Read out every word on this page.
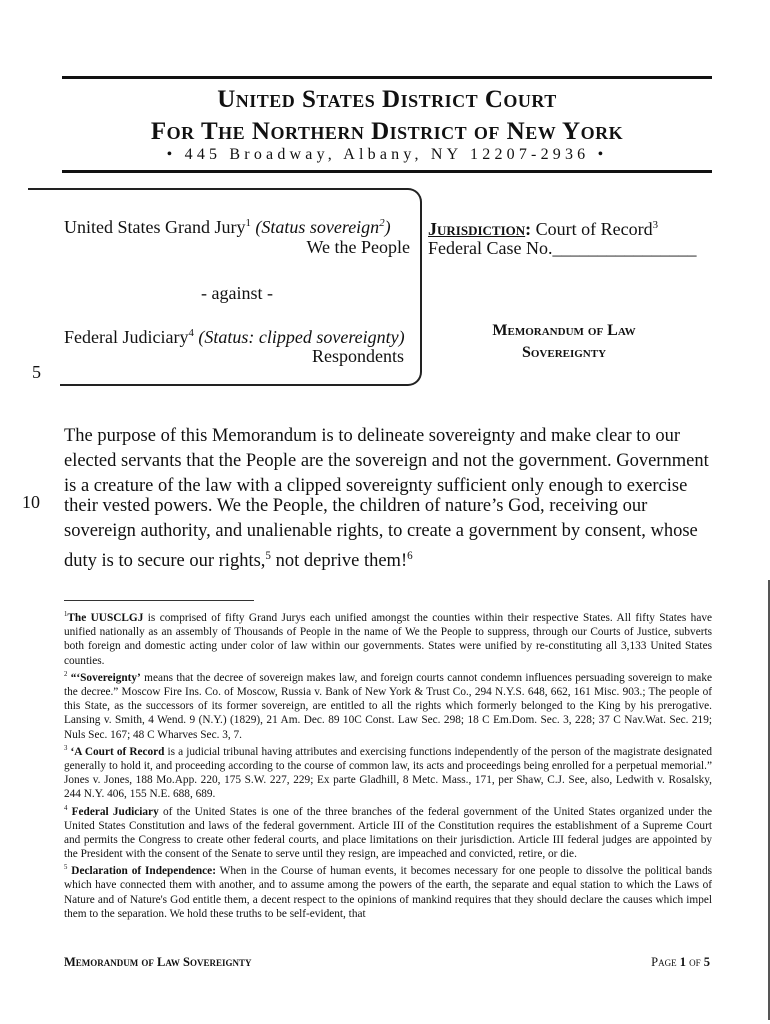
United States District Court
For The Northern District of New York
• 445 Broadway, Albany, NY 12207-2936 •
United States Grand Jury$^1$ (Status sovereign$^2$)
We the People
- against -
Federal Judiciary$^4$ (Status: clipped sovereignty)
Respondents
Jurisdiction: Court of Record$^3$
Federal Case No.________________
Memorandum of Law
Sovereignty
5
10
The purpose of this Memorandum is to delineate sovereignty and make clear to our
elected servants that the People are the sovereign and not the government. Government
is a creature of the law with a clipped sovereignty sufficient only enough to exercise
their vested powers. We the People, the children of nature’s God, receiving our
sovereign authority, and unalienable rights, to create a government by consent, whose
duty is to secure our rights,$^5$ not deprive them!$^6$

$^1$The UUSCLGJ is comprised of fifty Grand Jurys each unified amongst the counties within their respective States. All fifty States have unified nationally as an assembly of Thousands of People in the name of We the People to suppress, through our Courts of Justice, subverts both foreign and domestic acting under color of law within our governments. States were unified by re-constituting all 3,133 United States counties.

$^2$ “‘Sovereignty’ means that the decree of sovereign makes law, and foreign courts cannot condemn influences persuading sovereign to make the decree.” Moscow Fire Ins. Co. of Moscow, Russia v. Bank of New York & Trust Co., 294 N.Y.S. 648, 662, 161 Misc. 903.; The people of this State, as the successors of its former sovereign, are entitled to all the rights which formerly belonged to the King by his prerogative. Lansing v. Smith, 4 Wend. 9 (N.Y.) (1829), 21 Am. Dec. 89 10C Const. Law Sec. 298; 18 C Em.Dom. Sec. 3, 228; 37 C Nav.Wat. Sec. 219; Nuls Sec. 167; 48 C Wharves Sec. 3, 7.

$^3$ ‘A Court of Record is a judicial tribunal having attributes and exercising functions independently of the person of the magistrate designated generally to hold it, and proceeding according to the course of common law, its acts and proceedings being enrolled for a perpetual memorial.” Jones v. Jones, 188 Mo.App. 220, 175 S.W. 227, 229; Ex parte Gladhill, 8 Metc. Mass., 171, per Shaw, C.J. See, also, Ledwith v. Rosalsky, 244 N.Y. 406, 155 N.E. 688, 689.

$^4$ Federal Judiciary of the United States is one of the three branches of the federal government of the United States organized under the United States Constitution and laws of the federal government. Article III of the Constitution requires the establishment of a Supreme Court and permits the Congress to create other federal courts, and place limitations on their jurisdiction. Article III federal judges are appointed by the President with the consent of the Senate to serve until they resign, are impeached and convicted, retire, or die.

$^5$ Declaration of Independence: When in the Course of human events, it becomes necessary for one people to dissolve the political bands which have connected them with another, and to assume among the powers of the earth, the separate and equal station to which the Laws of Nature and of Nature's God entitle them, a decent respect to the opinions of mankind requires that they should declare the causes which impel them to the separation. We hold these truths to be self-evident, that

Memorandum of Law Sovereignty	Page 1 of 5
